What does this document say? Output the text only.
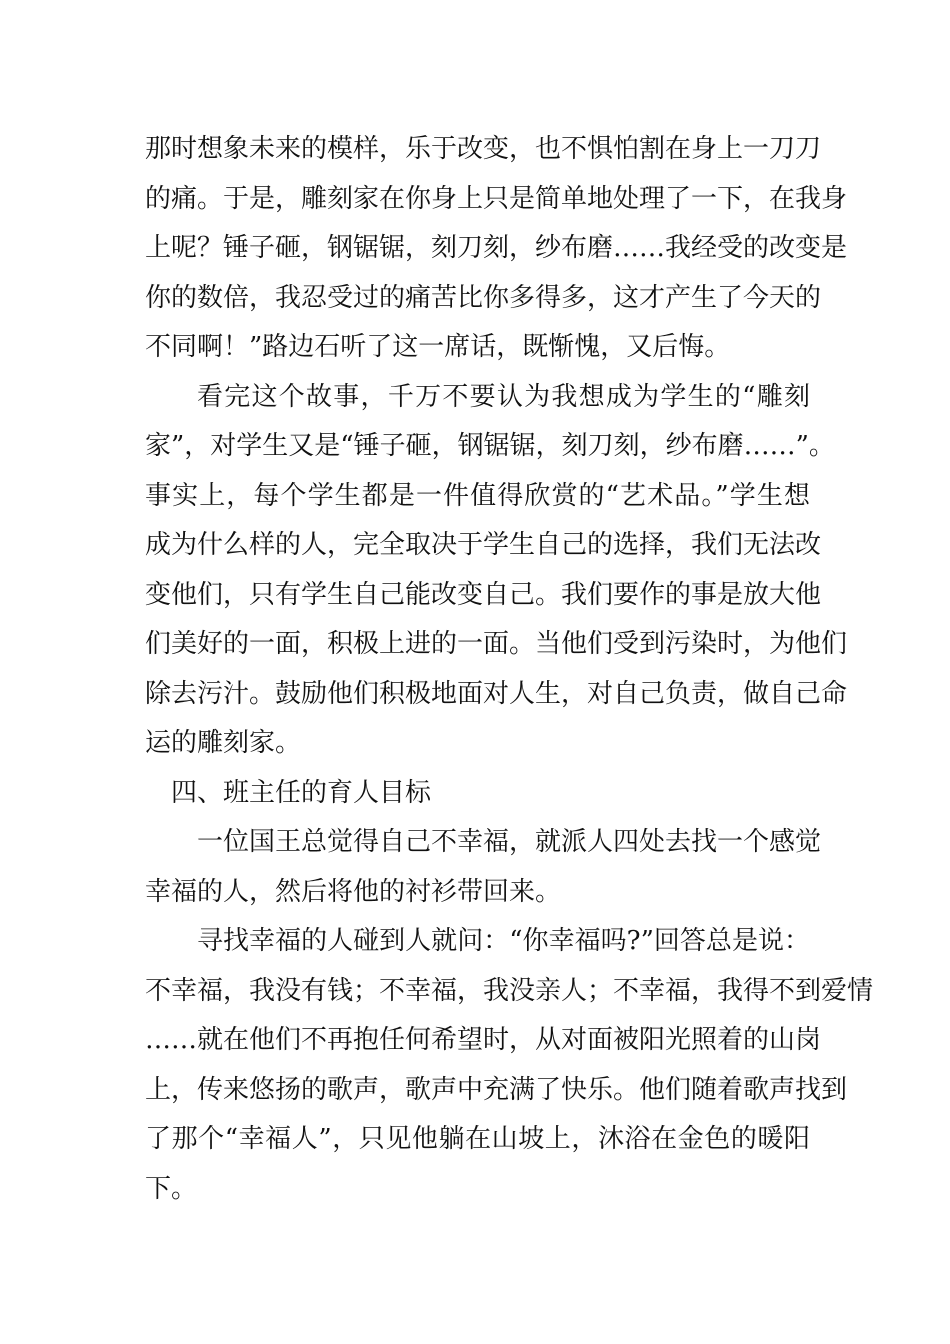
那时想象未来的模样，乐于改变，也不惧怕割在身上一刀刀
的痛。于是，雕刻家在你身上只是简单地处理了一下，在我身
上呢？锤子砸，钢锯锯，刻刀刻，纱布磨……我经受的改变是
你的数倍，我忍受过的痛苦比你多得多，这才产生了今天的
不同啊！”路边石听了这一席话，既惭愧，又后悔。
看完这个故事，千万不要认为我想成为学生的“雕刻
家”，对学生又是“锤子砸，钢锯锯，刻刀刻，纱布磨……”。
事实上，每个学生都是一件值得欣赏的“艺术品。”学生想
成为什么样的人，完全取决于学生自己的选择，我们无法改
变他们，只有学生自己能改变自己。我们要作的事是放大他
们美好的一面，积极上进的一面。当他们受到污染时，为他们
除去污汁。鼓励他们积极地面对人生，对自己负责，做自己命
运的雕刻家。
四、班主任的育人目标
一位国王总觉得自己不幸福，就派人四处去找一个感觉
幸福的人，然后将他的衬衫带回来。
寻找幸福的人碰到人就问：“你幸福吗?”回答总是说：
不幸福，我没有钱；不幸福，我没亲人；不幸福，我得不到爱情
……就在他们不再抱任何希望时，从对面被阳光照着的山岗
上，传来悠扬的歌声，歌声中充满了快乐。他们随着歌声找到
了那个“幸福人”，只见他躺在山坡上，沐浴在金色的暖阳
下。
